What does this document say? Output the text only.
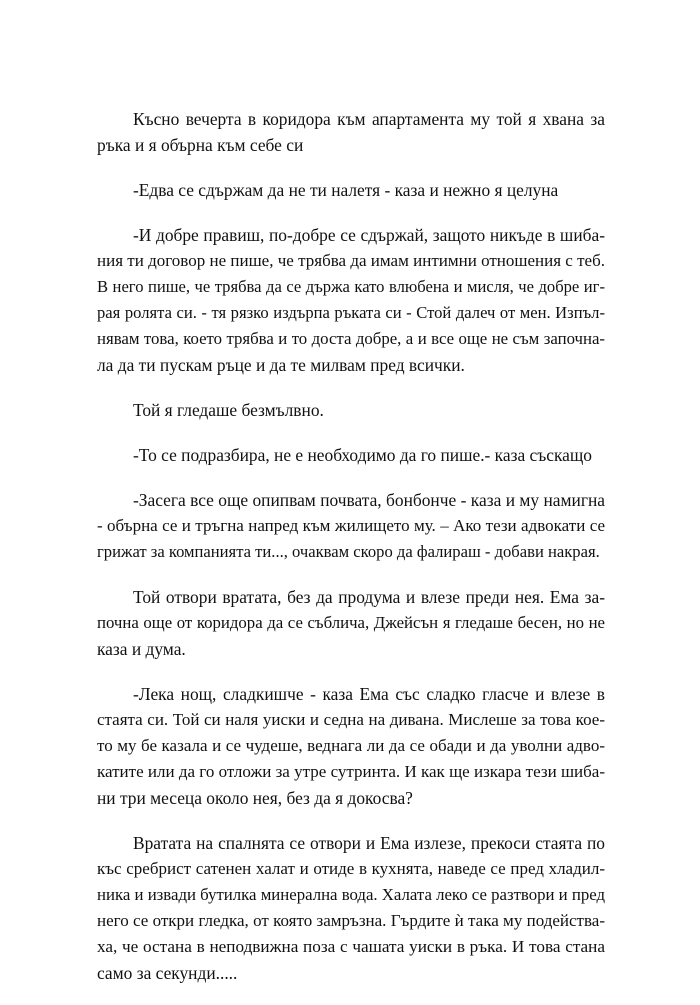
Късно вечерта в коридора към апартамента му той я хвана за
ръка и я обърна към себе си

-Едва се сдържам да не ти налетя - каза и нежно я целуна

-И добре правиш, по-добре се сдържай, защото никъде в шиба-
ния ти договор не пише, че трябва да имам интимни отношения с теб.
В него пише, че трябва да се държа като влюбена и мисля, че добре иг-
рая ролята си. - тя рязко издърпа ръката си - Стой далеч от мен. Изпъл-
нявам това, което трябва и то доста добре, а и все още не съм започна-
ла да ти пускам ръце и да те милвам пред всички.

Той я гледаше безмълвно.

-То се подразбира, не е необходимо да го пише.- каза съскащо

-Засега все още опипвам почвата, бонбонче - каза и му намигна
- обърна се и тръгна напред към жилището му. – Ако тези адвокати се
грижат за компанията ти..., очаквам скоро да фалираш - добави накрая.

Той отвори вратата, без да продума и влезе преди нея. Ема за-
почна още от коридора да се съблича, Джейсън я гледаше бесен, но не
каза и дума.

-Лека нощ, сладкишче - каза Ема със сладко гласче и влезе в
стаята си. Той си наля уиски и седна на дивана. Мислеше за това кое-
то му бе казала и се чудеше, веднага ли да се обади и да уволни адво-
катите или да го отложи за утре сутринта. И как ще изкара тези шиба-
ни три месеца около нея, без да я докосва?

Вратата на спалнята се отвори и Ема излезе, прекоси стаята по
къс сребрист сатенен халат и отиде в кухнята, наведе се пред хладил-
ника и извади бутилка минерална вода. Халата леко се разтвори и пред
него се откри гледка, от която замръзна. Гърдите ѝ така му подейства-
ха, че остана в неподвижна поза с чашата уиски в ръка. И това стана
само за секунди.....
